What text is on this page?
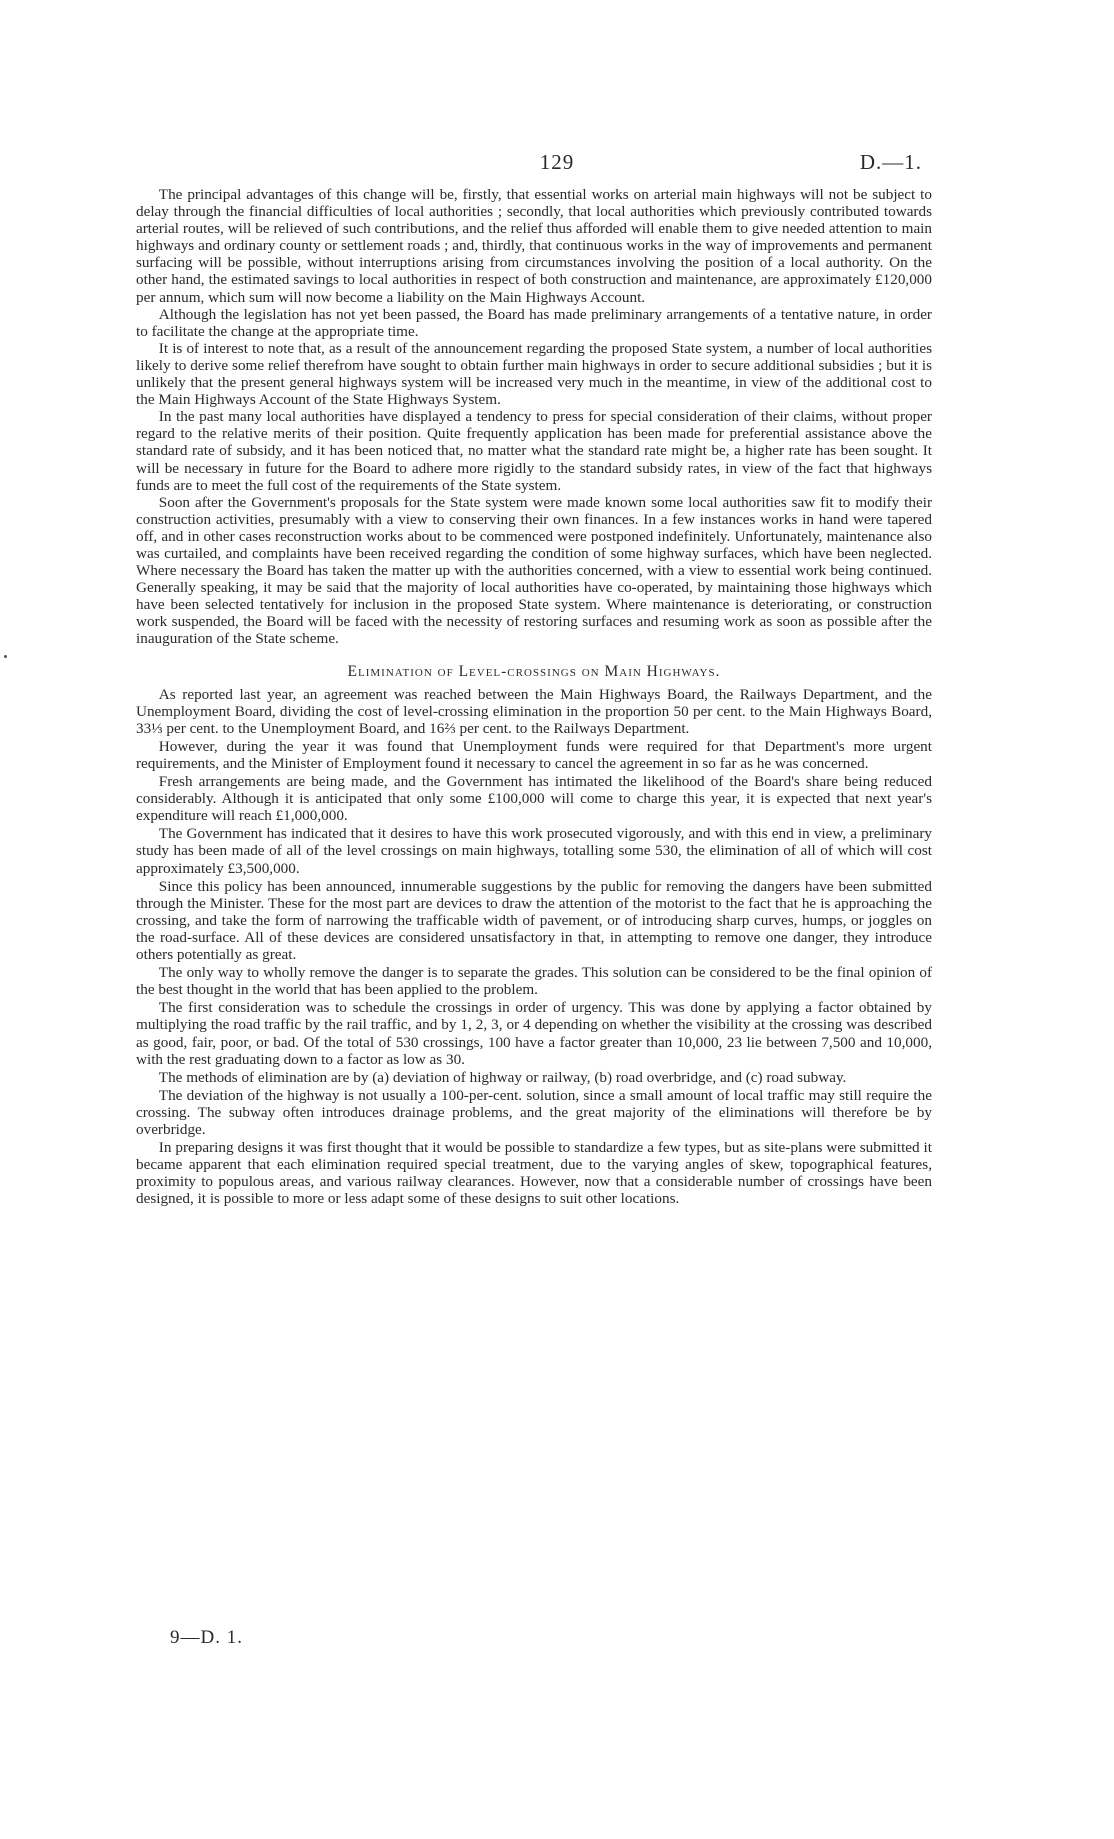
129	D.—1.

The principal advantages of this change will be, firstly, that essential works on arterial main highways will not be subject to delay through the financial difficulties of local authorities ; secondly, that local authorities which previously contributed towards arterial routes, will be relieved of such contributions, and the relief thus afforded will enable them to give needed attention to main highways and ordinary county or settlement roads ; and, thirdly, that continuous works in the way of improvements and permanent surfacing will be possible, without interruptions arising from circumstances involving the position of a local authority. On the other hand, the estimated savings to local authorities in respect of both construction and maintenance, are approximately £120,000 per annum, which sum will now become a liability on the Main Highways Account.

Although the legislation has not yet been passed, the Board has made preliminary arrangements of a tentative nature, in order to facilitate the change at the appropriate time.

It is of interest to note that, as a result of the announcement regarding the proposed State system, a number of local authorities likely to derive some relief therefrom have sought to obtain further main highways in order to secure additional subsidies ; but it is unlikely that the present general highways system will be increased very much in the meantime, in view of the additional cost to the Main Highways Account of the State Highways System.

In the past many local authorities have displayed a tendency to press for special consideration of their claims, without proper regard to the relative merits of their position. Quite frequently application has been made for preferential assistance above the standard rate of subsidy, and it has been noticed that, no matter what the standard rate might be, a higher rate has been sought. It will be necessary in future for the Board to adhere more rigidly to the standard subsidy rates, in view of the fact that highways funds are to meet the full cost of the requirements of the State system.

Soon after the Government's proposals for the State system were made known some local authorities saw fit to modify their construction activities, presumably with a view to conserving their own finances. In a few instances works in hand were tapered off, and in other cases reconstruction works about to be commenced were postponed indefinitely. Unfortunately, maintenance also was curtailed, and complaints have been received regarding the condition of some highway surfaces, which have been neglected. Where necessary the Board has taken the matter up with the authorities concerned, with a view to essential work being continued. Generally speaking, it may be said that the majority of local authorities have co-operated, by maintaining those highways which have been selected tentatively for inclusion in the proposed State system. Where maintenance is deteriorating, or construction work suspended, the Board will be faced with the necessity of restoring surfaces and resuming work as soon as possible after the inauguration of the State scheme.

Elimination of Level-crossings on Main Highways.

As reported last year, an agreement was reached between the Main Highways Board, the Railways Department, and the Unemployment Board, dividing the cost of level-crossing elimination in the proportion 50 per cent. to the Main Highways Board, 33⅓ per cent. to the Unemployment Board, and 16⅔ per cent. to the Railways Department.

However, during the year it was found that Unemployment funds were required for that Department's more urgent requirements, and the Minister of Employment found it necessary to cancel the agreement in so far as he was concerned.

Fresh arrangements are being made, and the Government has intimated the likelihood of the Board's share being reduced considerably. Although it is anticipated that only some £100,000 will come to charge this year, it is expected that next year's expenditure will reach £1,000,000.

The Government has indicated that it desires to have this work prosecuted vigorously, and with this end in view, a preliminary study has been made of all of the level crossings on main highways, totalling some 530, the elimination of all of which will cost approximately £3,500,000.

Since this policy has been announced, innumerable suggestions by the public for removing the dangers have been submitted through the Minister. These for the most part are devices to draw the attention of the motorist to the fact that he is approaching the crossing, and take the form of narrowing the trafficable width of pavement, or of introducing sharp curves, humps, or joggles on the road-surface. All of these devices are considered unsatisfactory in that, in attempting to remove one danger, they introduce others potentially as great.

The only way to wholly remove the danger is to separate the grades. This solution can be considered to be the final opinion of the best thought in the world that has been applied to the problem.

The first consideration was to schedule the crossings in order of urgency. This was done by applying a factor obtained by multiplying the road traffic by the rail traffic, and by 1, 2, 3, or 4 depending on whether the visibility at the crossing was described as good, fair, poor, or bad. Of the total of 530 crossings, 100 have a factor greater than 10,000, 23 lie between 7,500 and 10,000, with the rest graduating down to a factor as low as 30.

The methods of elimination are by (a) deviation of highway or railway, (b) road overbridge, and (c) road subway.

The deviation of the highway is not usually a 100-per-cent. solution, since a small amount of local traffic may still require the crossing. The subway often introduces drainage problems, and the great majority of the eliminations will therefore be by overbridge.

In preparing designs it was first thought that it would be possible to standardize a few types, but as site-plans were submitted it became apparent that each elimination required special treatment, due to the varying angles of skew, topographical features, proximity to populous areas, and various railway clearances. However, now that a considerable number of crossings have been designed, it is possible to more or less adapt some of these designs to suit other locations.

9—D. 1.
